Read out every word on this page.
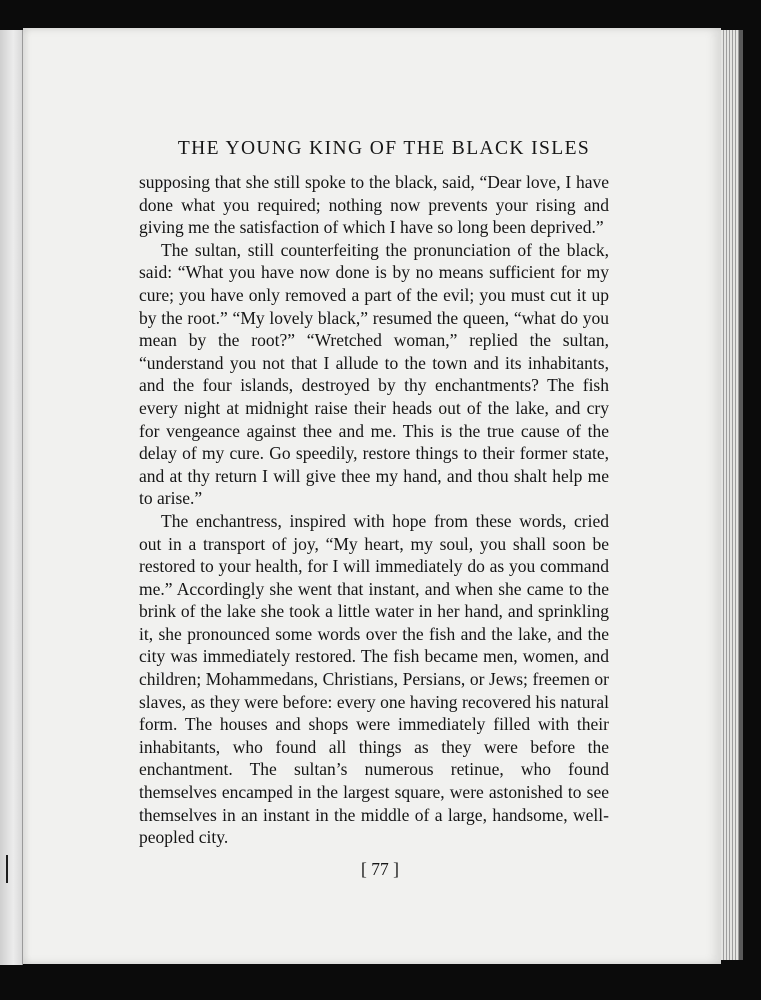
THE YOUNG KING OF THE BLACK ISLES

supposing that she still spoke to the black, said, “Dear love, I have done what you required; nothing now prevents your rising and giving me the satisfaction of which I have so long been deprived.”

The sultan, still counterfeiting the pronunciation of the black, said: “What you have now done is by no means sufficient for my cure; you have only removed a part of the evil; you must cut it up by the root.” “My lovely black,” resumed the queen, “what do you mean by the root?” “Wretched woman,” replied the sultan, “understand you not that I allude to the town and its inhabitants, and the four islands, destroyed by thy enchantments? The fish every night at midnight raise their heads out of the lake, and cry for vengeance against thee and me. This is the true cause of the delay of my cure. Go speedily, restore things to their former state, and at thy return I will give thee my hand, and thou shalt help me to arise.”

The enchantress, inspired with hope from these words, cried out in a transport of joy, “My heart, my soul, you shall soon be restored to your health, for I will immediately do as you command me.” Accordingly she went that instant, and when she came to the brink of the lake she took a little water in her hand, and sprinkling it, she pronounced some words over the fish and the lake, and the city was immediately restored. The fish became men, women, and children; Mohammedans, Christians, Persians, or Jews; freemen or slaves, as they were before: every one having recovered his natural form. The houses and shops were immediately filled with their inhabitants, who found all things as they were before the enchantment. The sultan’s numerous retinue, who found themselves encamped in the largest square, were astonished to see themselves in an instant in the middle of a large, handsome, well-peopled city.

[ 77 ]
